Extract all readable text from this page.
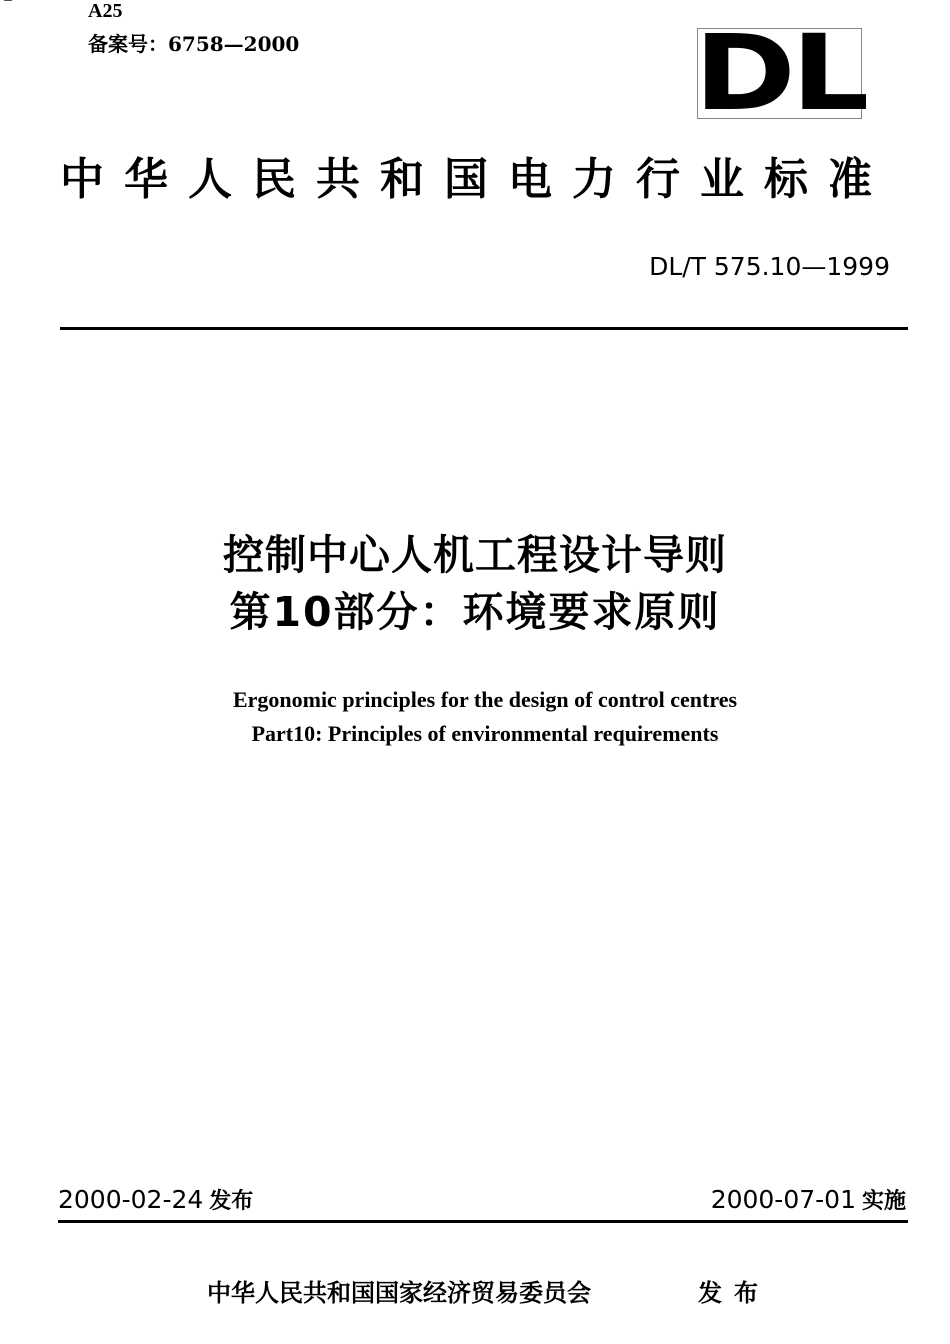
A25
备案号：6758—2000	DL
中华人民共和国电力行业标准
DL/T 575.10—1999
控制中心人机工程设计导则
第10部分：环境要求原则
Ergonomic principles for the design of control centres
Part10: Principles of environmental requirements
2000-02-24 发布	2000-07-01 实施
中华人民共和国国家经济贸易委员会	发布
